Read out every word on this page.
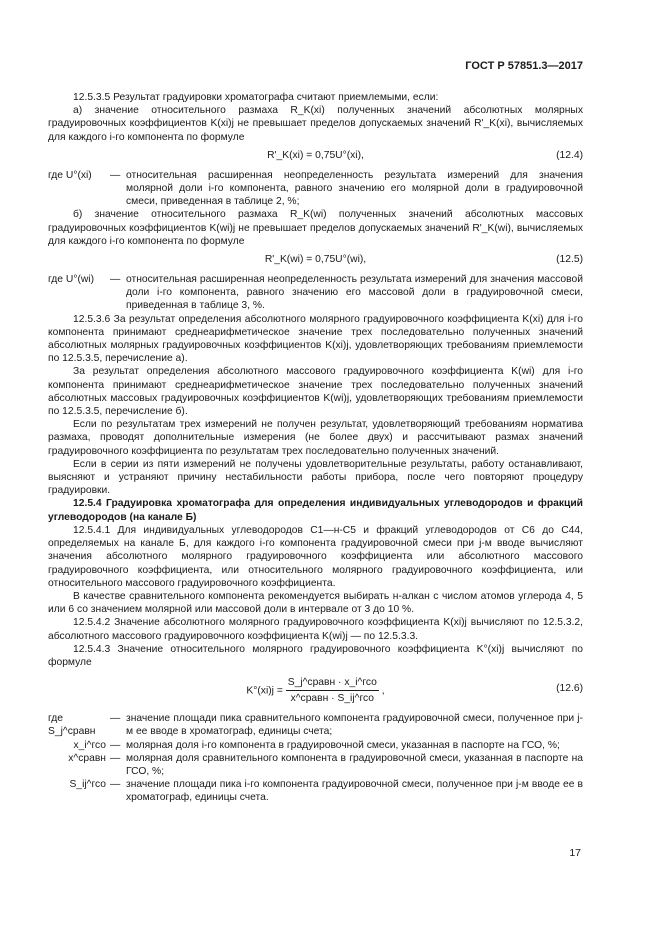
ГОСТ Р 57851.3—2017

12.5.3.5 Результат градуировки хроматографа считают приемлемыми, если:

а) значение относительного размаха R_K(xi) полученных значений абсолютных молярных градуировочных коэффициентов K(xi)j не превышает пределов допускаемых значений R'_K(xi), вычисляемых для каждого i-го компонента по формуле

R'_K(xi) = 0,75U°(xi),	(12.4)
где U°(xi)	— относительная расширенная неопределенность результата измерений для значения молярной доли i-го компонента, равного значению его молярной доли в градуировочной смеси, приведенная в таблице 2, %;

б) значение относительного размаха R_K(wi) полученных значений абсолютных массовых градуировочных коэффициентов K(wi)j не превышает пределов допускаемых значений R'_K(wi), вычисляемых для каждого i-го компонента по формуле

R'_K(wi) = 0,75U°(wi),	(12.5)
где U°(wi)	— относительная расширенная неопределенность результата измерений для значения массовой доли i-го компонента, равного значению его массовой доли в градуировочной смеси, приведенная в таблице 3, %.

12.5.3.6 За результат определения абсолютного молярного градуировочного коэффициента K(xi) для i-го компонента принимают среднеарифметическое значение трех последовательно полученных значений абсолютных молярных градуировочных коэффициентов K(xi)j, удовлетворяющих требованиям приемлемости по 12.5.3.5, перечисление а).

За результат определения абсолютного массового градуировочного коэффициента K(wi) для i-го компонента принимают среднеарифметическое значение трех последовательно полученных значений абсолютных массовых градуировочных коэффициентов K(wi)j, удовлетворяющих требованиям приемлемости по 12.5.3.5, перечисление б).

Если по результатам трех измерений не получен результат, удовлетворяющий требованиям норматива размаха, проводят дополнительные измерения (не более двух) и рассчитывают размах значений градуировочного коэффициента по результатам трех последовательно полученных значений.

Если в серии из пяти измерений не получены удовлетворительные результаты, работу останавливают, выясняют и устраняют причину нестабильности работы прибора, после чего повторяют процедуру градуировки.

12.5.4 Градуировка хроматографа для определения индивидуальных углеводородов и фракций углеводородов (на канале Б)

12.5.4.1 Для индивидуальных углеводородов C1—н-C5 и фракций углеводородов от C6 до C44, определяемых на канале Б, для каждого i-го компонента градуировочной смеси при j-м вводе вычисляют значения абсолютного молярного градуировочного коэффициента или абсолютного массового градуировочного коэффициента, или относительного молярного градуировочного коэффициента, или относительного массового градуировочного коэффициента.

В качестве сравнительного компонента рекомендуется выбирать н-алкан с числом атомов углерода 4, 5 или 6 со значением молярной или массовой доли в интервале от 3 до 10 %.

12.5.4.2 Значение абсолютного молярного градуировочного коэффициента K(xi)j вычисляют по 12.5.3.2, абсолютного массового градуировочного коэффициента K(wi)j — по 12.5.3.3.

12.5.4.3 Значение относительного молярного градуировочного коэффициента K°(xi)j вычисляют по формуле

$K^\circ(xi)j = \frac{\text{S\_j\textasciicircum{}сравн · x\_i\textasciicircum{}гсо}}{\text{x\textasciicircum{}сравн · S\_ij\textasciicircum{}гсо}}$ ,	(12.6)
где S_j^сравн
— значение площади пика сравнительного компонента градуировочной смеси, полученное при j-м ее вводе в хроматограф, единицы счета;
x_i^гсо — молярная доля i-го компонента в градуировочной смеси, указанная в паспорте на ГСО, %;
x^сравн — молярная доля сравнительного компонента в градуировочной смеси, указанная в паспорте на ГСО, %;
S_ij^гсо — значение площади пика i-го компонента градуировочной смеси, полученное при j-м вводе ее в хроматограф, единицы счета.
17
